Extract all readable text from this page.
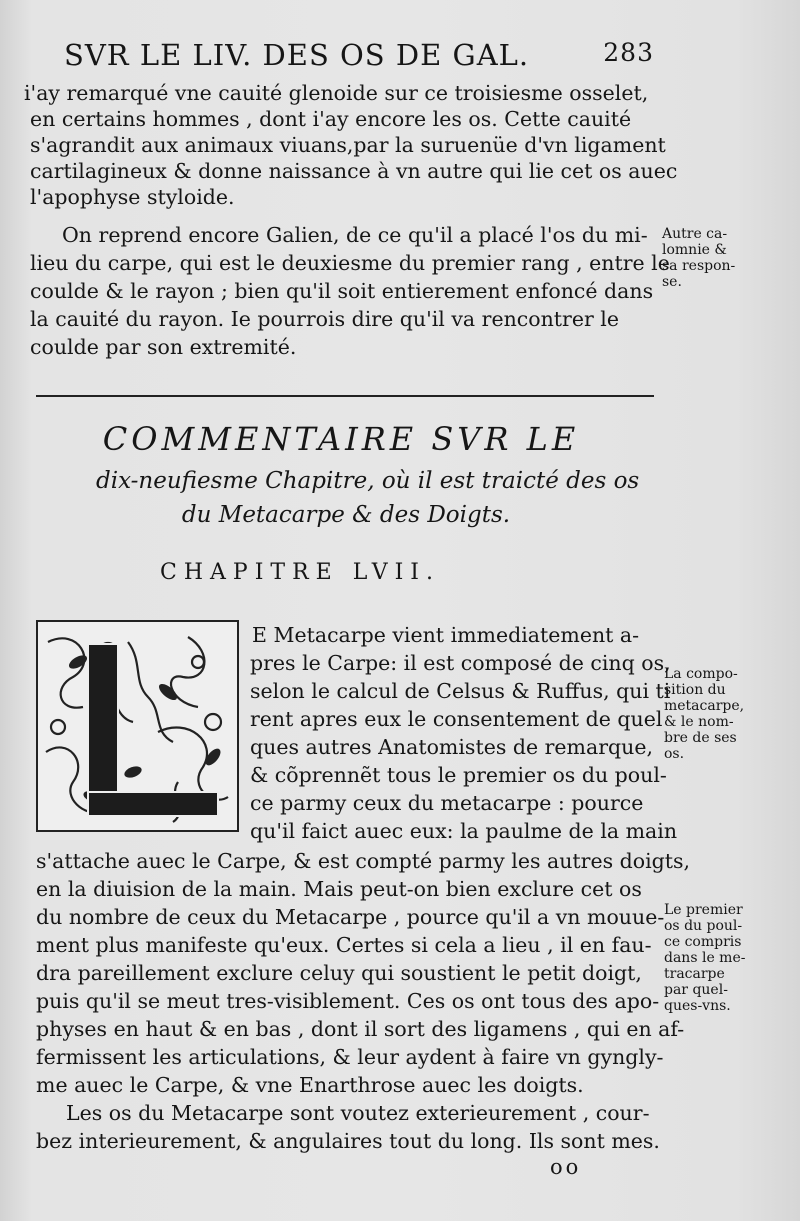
SVR LE LIV. DES OS DE GAL.	283
i'ay remarqué vne cauité glenoide sur ce troisiesme osselet,
en certains hommes , dont i'ay encore les os. Cette cauité
s'agrandit aux animaux viuans,par la suruenüe d'vn ligament
cartilagineux & donne naissance à vn autre qui lie cet os auec
l'apophyse styloide.
On reprend encore Galien, de ce qu'il a placé l'os du mi-
lieu du carpe, qui est le deuxiesme du premier rang , entre le
coulde & le rayon ; bien qu'il soit entierement enfoncé dans
la cauité du rayon. Ie pourrois dire qu'il va rencontrer le
coulde par son extremité.
Autre ca-
lomnie &
sa respon-
se.
COMMENTAIRE SVR LE
dix-neufiesme Chapitre, où il est traicté des os
du Metacarpe & des Doigts.
CHAPITRE LVII.
L
E Metacarpe vient immediatement a-
pres le Carpe: il est composé de cinq os,
selon le calcul de Celsus & Ruffus, qui ti
rent apres eux le consentement de quel
ques autres Anatomistes de remarque,
& cõprennẽt tous le premier os du poul-
ce parmy ceux du metacarpe : pource
qu'il faict auec eux: la paulme de la main
s'attache auec le Carpe, & est compté parmy les autres doigts,
en la diuision de la main. Mais peut-on bien exclure cet os
du nombre de ceux du Metacarpe , pource qu'il a vn mouue-
ment plus manifeste qu'eux. Certes si cela a lieu , il en fau-
dra pareillement exclure celuy qui soustient le petit doigt,
puis qu'il se meut tres-visiblement. Ces os ont tous des apo-
physes en haut & en bas , dont il sort des ligamens , qui en af-
fermissent les articulations, & leur aydent à faire vn gyngly-
me auec le Carpe, & vne Enarthrose auec les doigts.
Les os du Metacarpe sont voutez exterieurement , cour-
bez interieurement, & angulaires tout du long. Ils sont mes.
La compo-
sition du
metacarpe,
& le nom-
bre de ses
os.
Le premier
os du poul-
ce compris
dans le me-
tracarpe
par quel-
ques-vns.
oo
